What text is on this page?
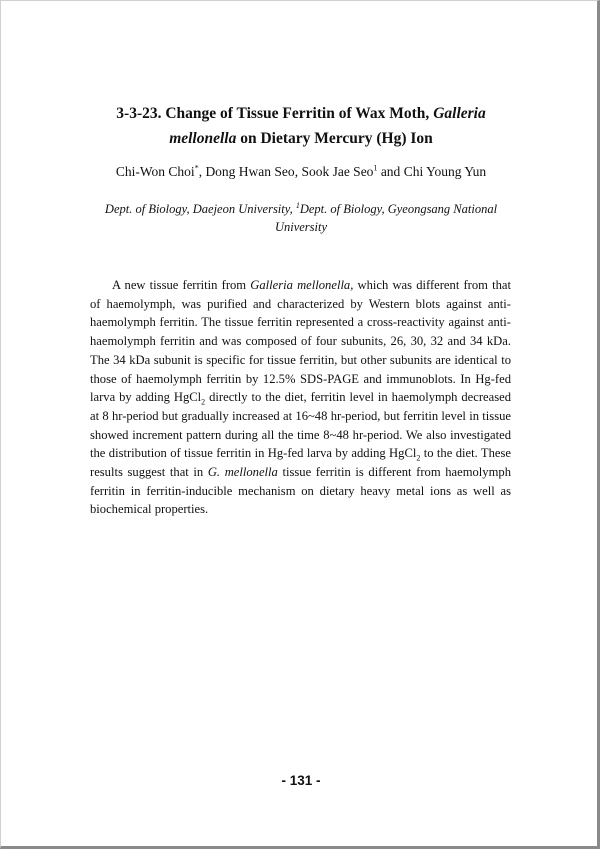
3-3-23. Change of Tissue Ferritin of Wax Moth, Galleria mellonella on Dietary Mercury (Hg) Ion
Chi-Won Choi*, Dong Hwan Seo, Sook Jae Seo$^1$ and Chi Young Yun
Dept. of Biology, Daejeon University, $^1$Dept. of Biology, Gyeongsang National University

A new tissue ferritin from Galleria mellonella, which was different from that of haemolymph, was purified and characterized by Western blots against anti-haemolymph ferritin. The tissue ferritin represented a cross-reactivity against anti-haemolymph ferritin and was composed of four subunits, 26, 30, 32 and 34 kDa. The 34 kDa subunit is specific for tissue ferritin, but other subunits are identical to those of haemolymph ferritin by 12.5% SDS-PAGE and immunoblots. In Hg-fed larva by adding HgCl$_2$ directly to the diet, ferritin level in haemolymph decreased at 8 hr-period but gradually increased at 16~48 hr-period, but ferritin level in tissue showed increment pattern during all the time 8~48 hr-period. We also investigated the distribution of tissue ferritin in Hg-fed larva by adding HgCl$_2$ to the diet. These results suggest that in G. mellonella tissue ferritin is different from haemolymph ferritin in ferritin-inducible mechanism on dietary heavy metal ions as well as biochemical properties.

- 131 -
